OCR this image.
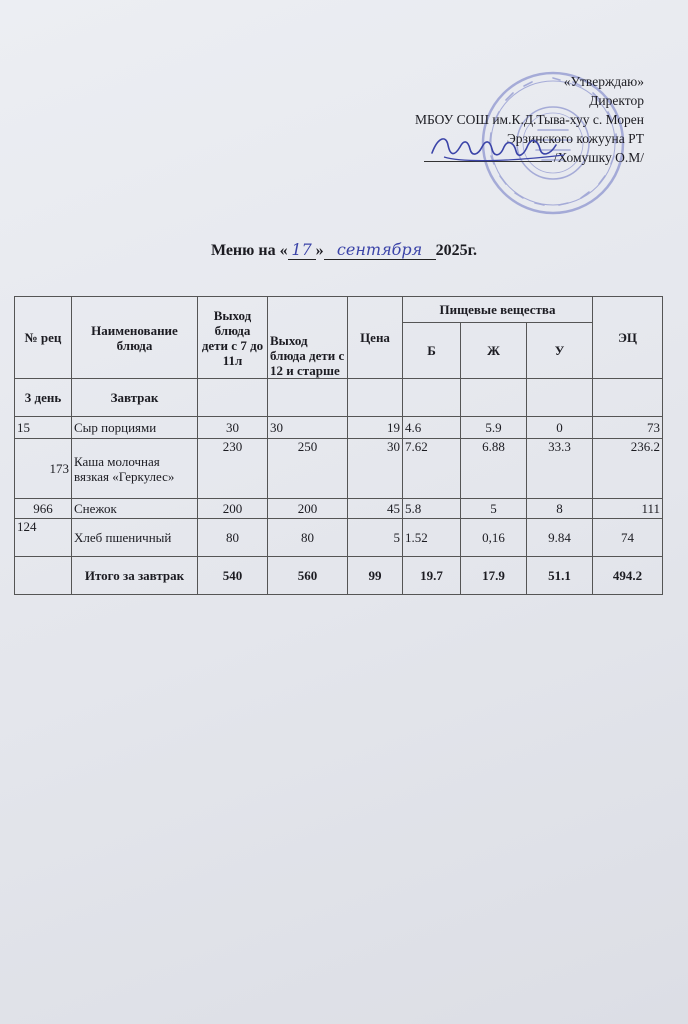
«Утверждаю»
Директор
МБОУ СОШ им.К.Д.Тыва-хуу с. Морен
Эрзинского кожууна РТ
/Хомушку О.М/
Меню на « 17 » сентября 2025г.
№ рец	Наименование блюда	Выход блюда дети с 7 до 11л	Выход блюда дети с 12 и старше	Цена	Пищевые вещества			ЭЦ
					Б	Ж	У	
3 день	Завтрак							
15	Сыр порциями	30	30	19	4.6	5.9	0	73
173	Каша молочная вязкая «Геркулес»	230	250	30	7.62	6.88	33.3	236.2
966	Снежок	200	200	45	5.8	5	8	111
124	Хлеб пшеничный	80	80	5	1.52	0,16	9.84	74
	Итого за завтрак	540	560	99	19.7	17.9	51.1	494.2
